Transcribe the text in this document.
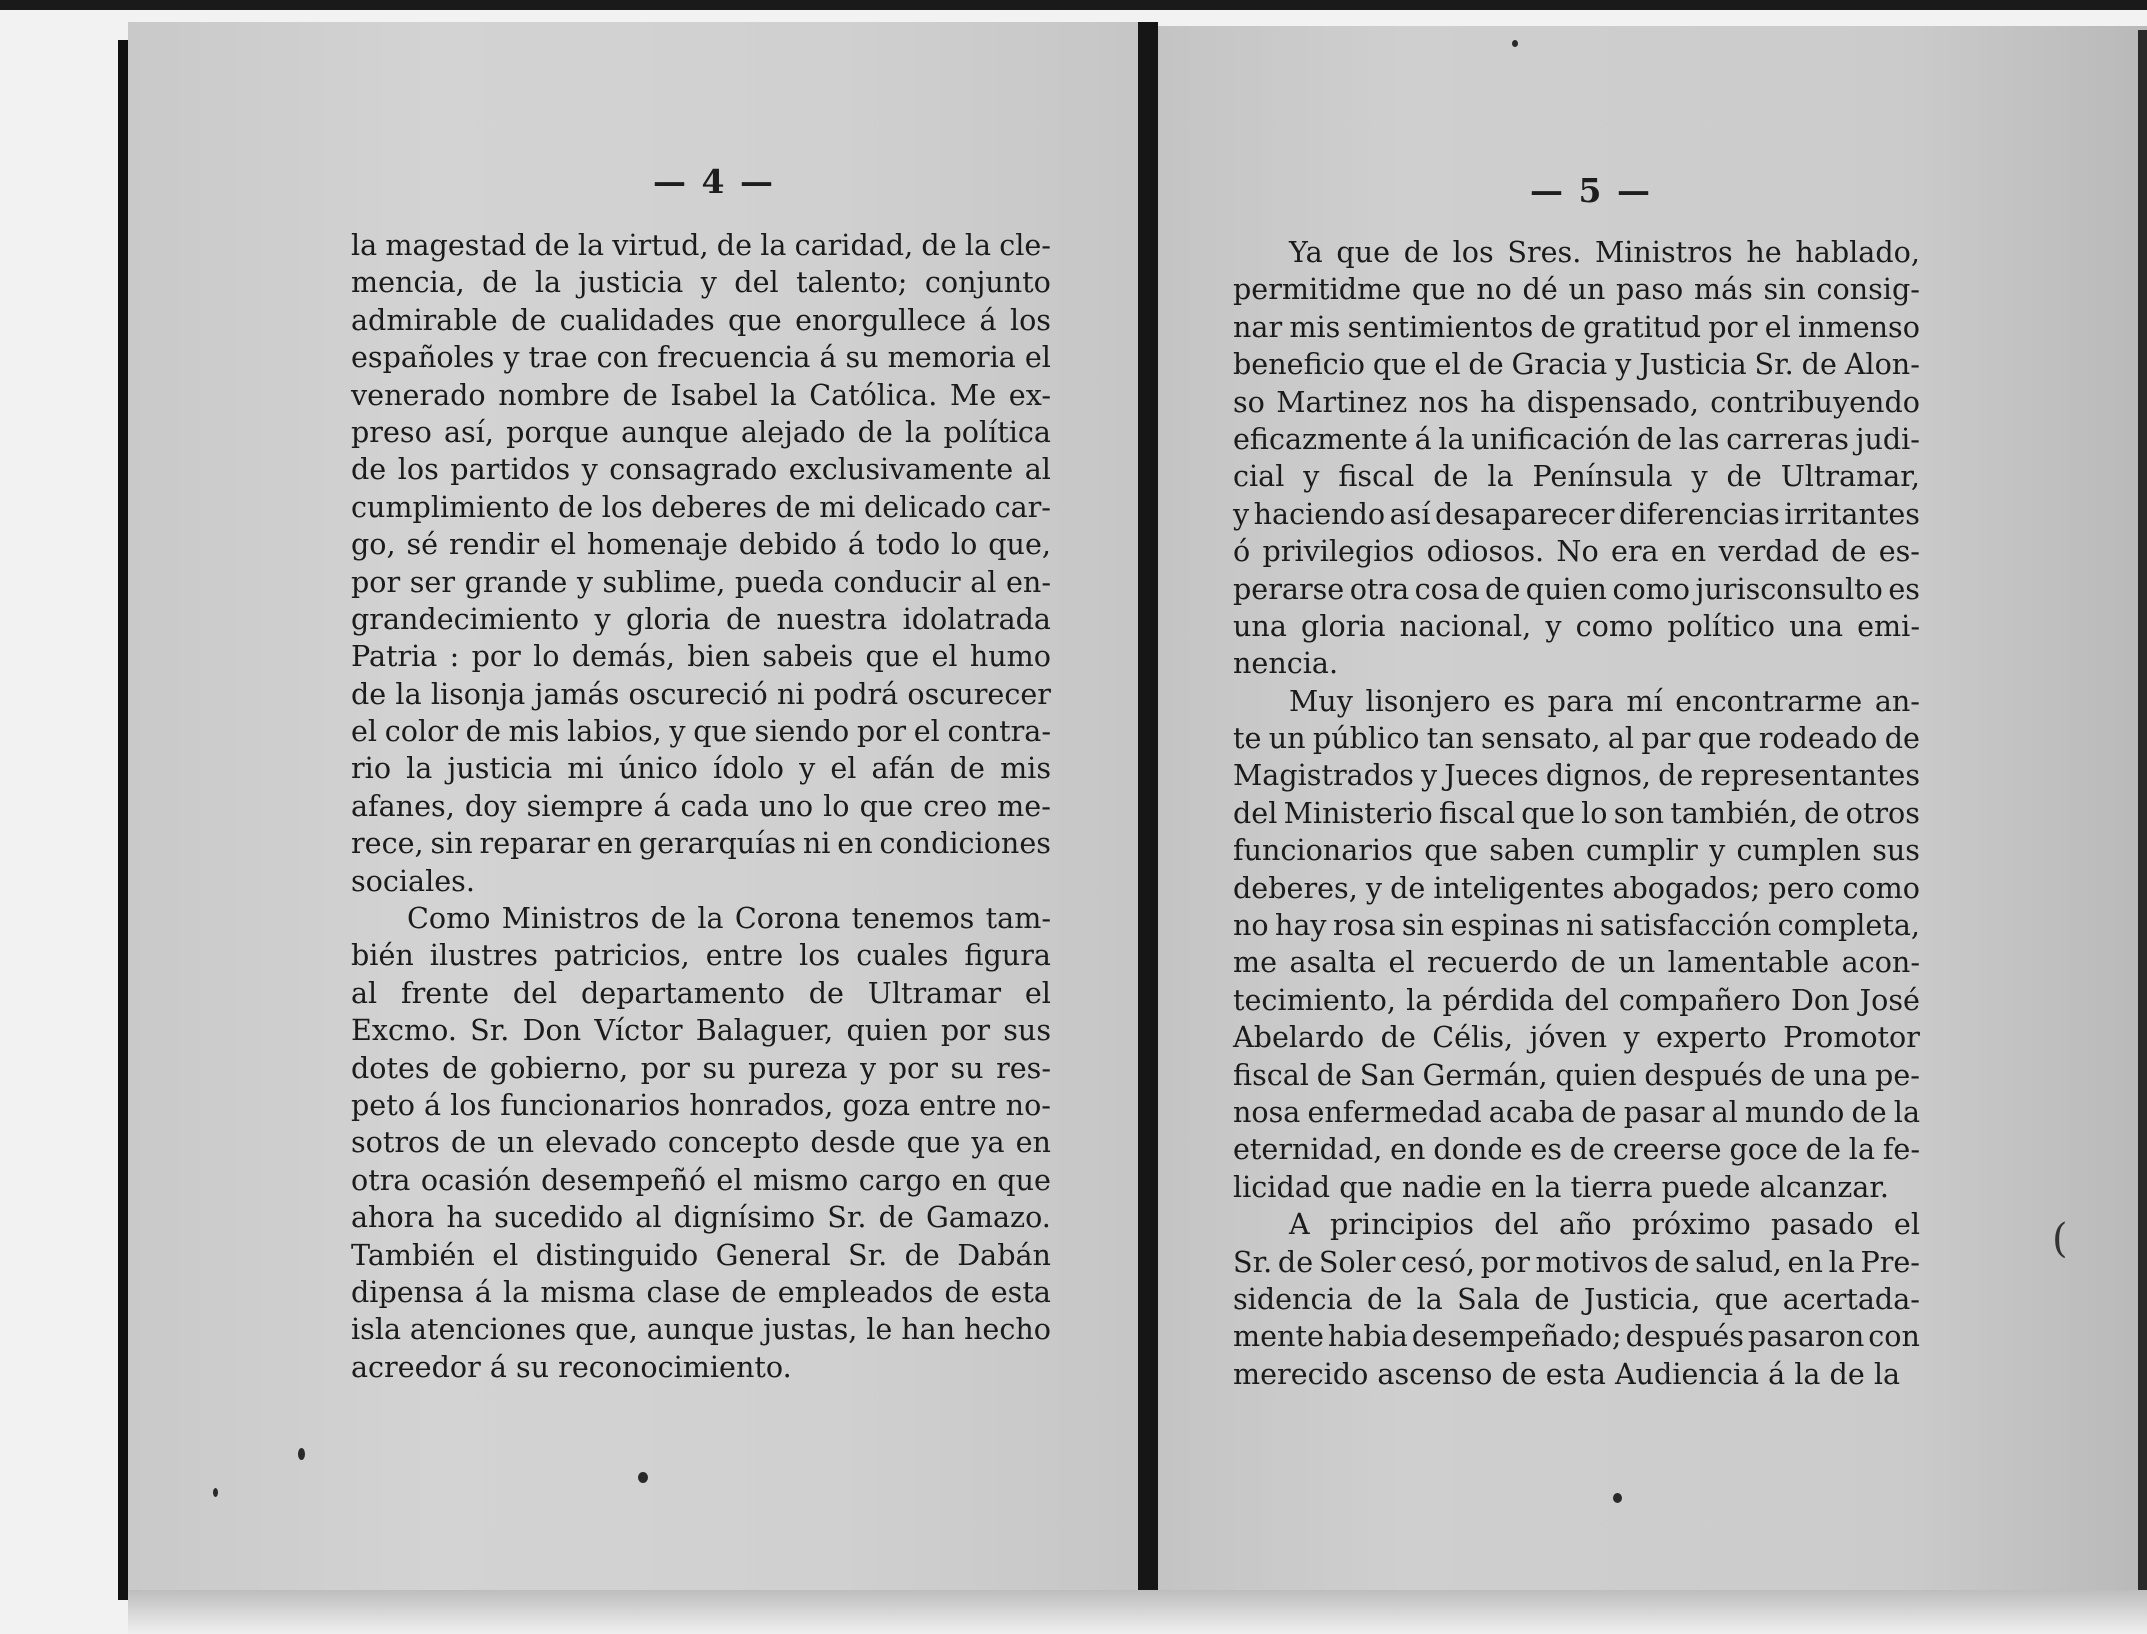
— 4 —
la magestad de la virtud, de la caridad, de la cle-
mencia, de la justicia y del talento; conjunto
admirable de cualidades que enorgullece á los
españoles y trae con frecuencia á su memoria el
venerado nombre de Isabel la Católica. Me ex-
preso así, porque aunque alejado de la política
de los partidos y consagrado exclusivamente al
cumplimiento de los deberes de mi delicado car-
go, sé rendir el homenaje debido á todo lo que,
por ser grande y sublime, pueda conducir al en-
grandecimiento y gloria de nuestra idolatrada
Patria : por lo demás, bien sabeis que el humo
de la lisonja jamás oscureció ni podrá oscurecer
el color de mis labios, y que siendo por el contra-
rio la justicia mi único ídolo y el afán de mis
afanes, doy siempre á cada uno lo que creo me-
rece, sin reparar en gerarquías ni en condiciones
sociales.
Como Ministros de la Corona tenemos tam-
bién ilustres patricios, entre los cuales figura
al frente del departamento de Ultramar el
Excmo. Sr. Don Víctor Balaguer, quien por sus
dotes de gobierno, por su pureza y por su res-
peto á los funcionarios honrados, goza entre no-
sotros de un elevado concepto desde que ya en
otra ocasión desempeñó el mismo cargo en que
ahora ha sucedido al dignísimo Sr. de Gamazo.
También el distinguido General Sr. de Dabán
dipensa á la misma clase de empleados de esta
isla atenciones que, aunque justas, le han hecho
acreedor á su reconocimiento.
— 5 —
Ya que de los Sres. Ministros he hablado,
permitidme que no dé un paso más sin consig-
nar mis sentimientos de gratitud por el inmenso
beneficio que el de Gracia y Justicia Sr. de Alon-
so Martinez nos ha dispensado, contribuyendo
eficazmente á la unificación de las carreras judi-
cial y fiscal de la Península y de Ultramar,
y haciendo así desaparecer diferencias irritantes
ó privilegios odiosos. No era en verdad de es-
perarse otra cosa de quien como jurisconsulto es
una gloria nacional, y como político una emi-
nencia.
Muy lisonjero es para mí encontrarme an-
te un público tan sensato, al par que rodeado de
Magistrados y Jueces dignos, de representantes
del Ministerio fiscal que lo son también, de otros
funcionarios que saben cumplir y cumplen sus
deberes, y de inteligentes abogados; pero como
no hay rosa sin espinas ni satisfacción completa,
me asalta el recuerdo de un lamentable acon-
tecimiento, la pérdida del compañero Don José
Abelardo de Célis, jóven y experto Promotor
fiscal de San Germán, quien después de una pe-
nosa enfermedad acaba de pasar al mundo de la
eternidad, en donde es de creerse goce de la fe-
licidad que nadie en la tierra puede alcanzar.
A principios del año próximo pasado el
Sr. de Soler cesó, por motivos de salud, en la Pre-
sidencia de la Sala de Justicia, que acertada-
mente habia desempeñado; después pasaron con
merecido ascenso de esta Audiencia á la de la
(
